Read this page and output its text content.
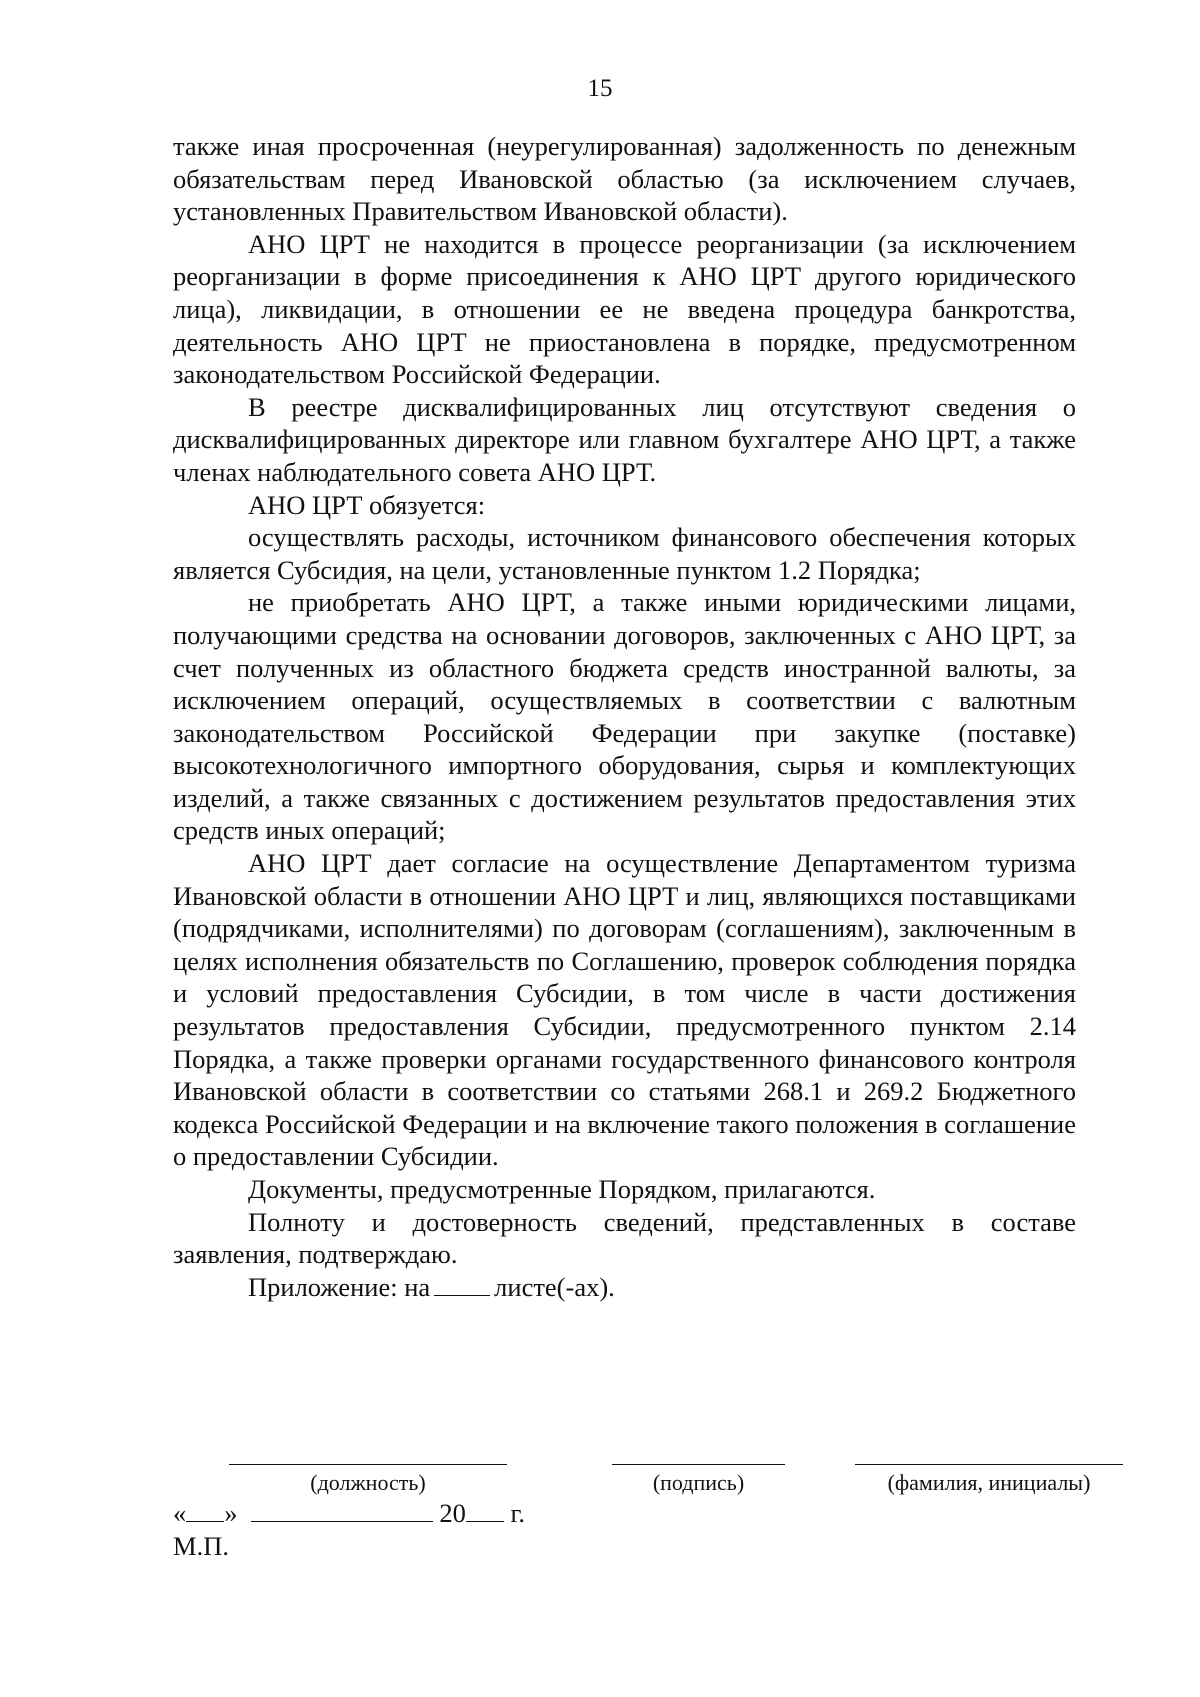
15

также иная просроченная (неурегулированная) задолженность по денежным обязательствам перед Ивановской областью (за исключением случаев, установленных Правительством Ивановской области).

АНО ЦРТ не находится в процессе реорганизации (за исключением реорганизации в форме присоединения к АНО ЦРТ другого юридического лица), ликвидации, в отношении ее не введена процедура банкротства, деятельность АНО ЦРТ не приостановлена в порядке, предусмотренном законодательством Российской Федерации.

В реестре дисквалифицированных лиц отсутствуют сведения о дисквалифицированных директоре или главном бухгалтере АНО ЦРТ, а также членах наблюдательного совета АНО ЦРТ.

АНО ЦРТ обязуется:

осуществлять расходы, источником финансового обеспечения которых является Субсидия, на цели, установленные пунктом 1.2 Порядка;

не приобретать АНО ЦРТ, а также иными юридическими лицами, получающими средства на основании договоров, заключенных с АНО ЦРТ, за счет полученных из областного бюджета средств иностранной валюты, за исключением операций, осуществляемых в соответствии с валютным законодательством Российской Федерации при закупке (поставке) высокотехнологичного импортного оборудования, сырья и комплектующих изделий, а также связанных с достижением результатов предоставления этих средств иных операций;

АНО ЦРТ дает согласие на осуществление Департаментом туризма Ивановской области в отношении АНО ЦРТ и лиц, являющихся поставщиками (подрядчиками, исполнителями) по договорам (соглашениям), заключенным в целях исполнения обязательств по Соглашению, проверок соблюдения порядка и условий предоставления Субсидии, в том числе в части достижения результатов предоставления Субсидии, предусмотренного пунктом 2.14 Порядка, а также проверки органами государственного финансового контроля Ивановской области в соответствии со статьями 268.1 и 269.2 Бюджетного кодекса Российской Федерации и на включение такого положения в соглашение о предоставлении Субсидии.

Документы, предусмотренные Порядком, прилагаются.

Полноту и достоверность сведений, представленных в составе заявления, подтверждаю.

Приложение: на листе(-ах).

(должность)	(подпись)	(фамилия, инициалы)
« »	20 г.
М.П.
